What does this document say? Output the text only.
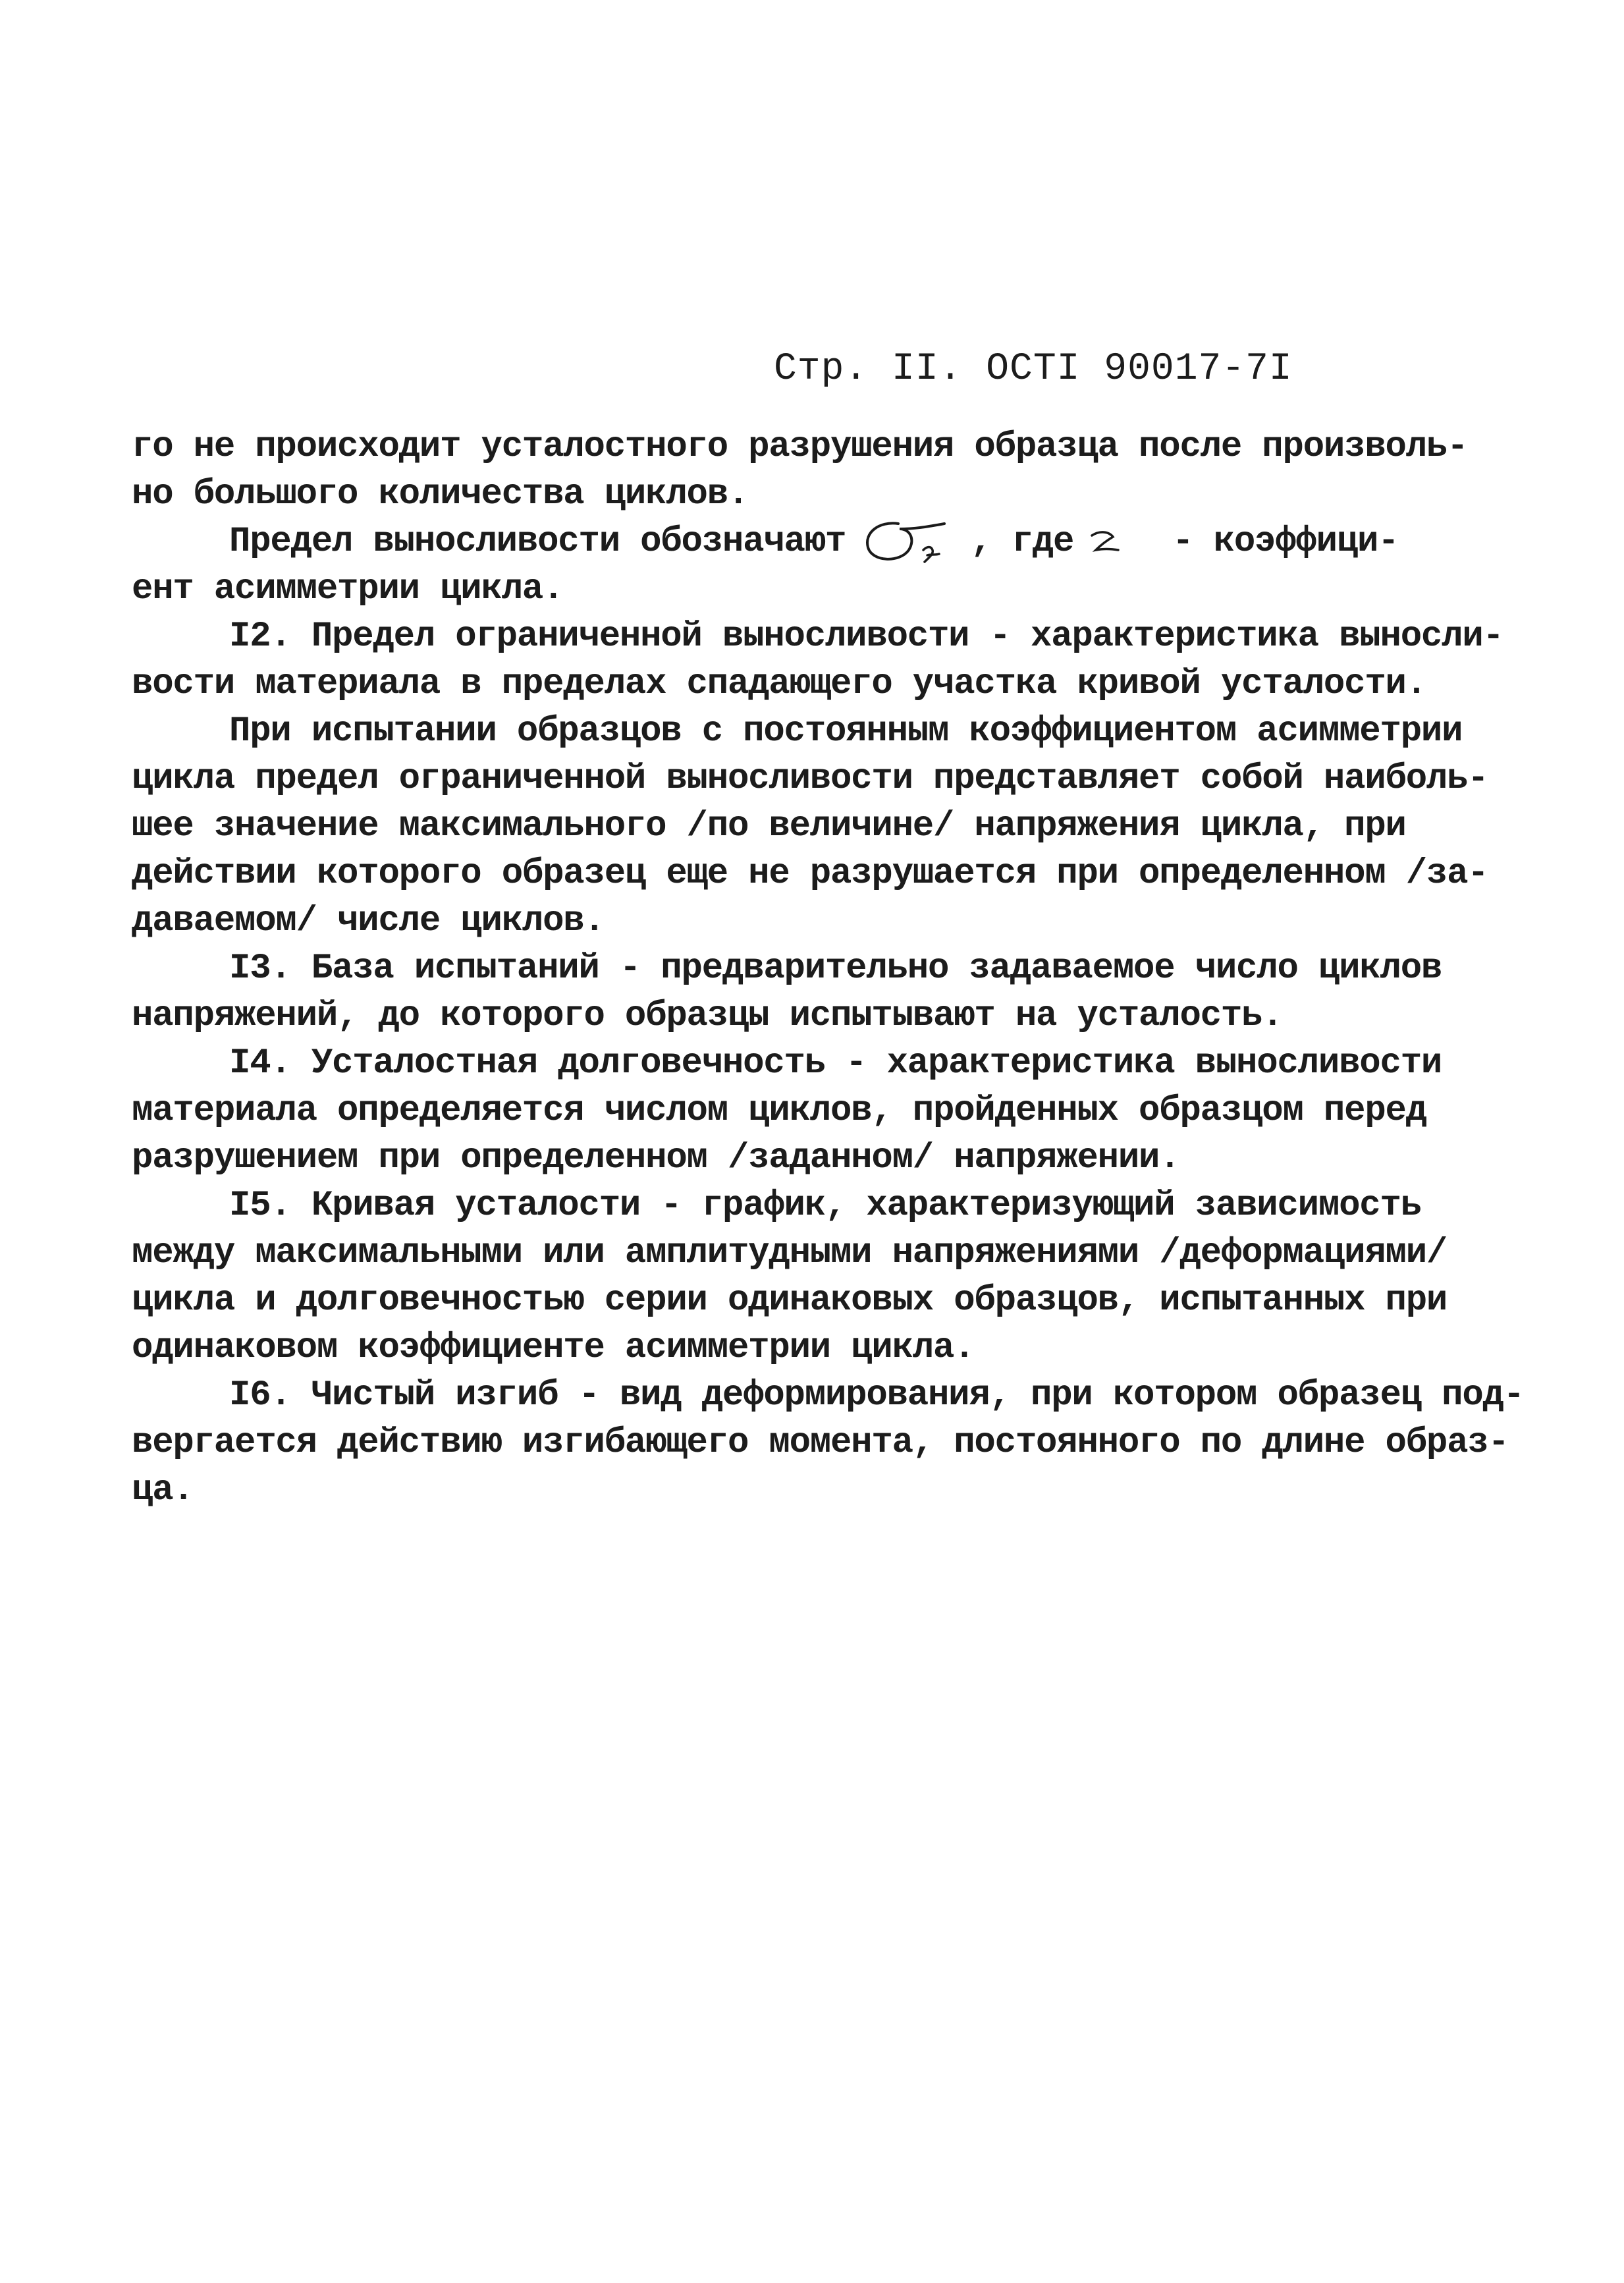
Стр. II. ОСТI 90017-7I
го не происходит усталостного разрушения образца после произволь-
но большого количества циклов.
Предел выносливости обозначают	, где	- коэффици-
ент асимметрии цикла.
I2. Предел ограниченной выносливости - характеристика выносли-
вости материала в пределах спадающего участка кривой усталости.
При испытании образцов с постоянным коэффициентом асимметрии
цикла предел ограниченной выносливости представляет собой наиболь-
шее значение максимального /по величине/ напряжения цикла, при
действии которого образец еще не разрушается при определенном /за-
даваемом/ числе циклов.
I3. База испытаний - предварительно задаваемое число циклов
напряжений, до которого образцы испытывают на усталость.
I4. Усталостная долговечность - характеристика выносливости
материала определяется числом циклов, пройденных образцом перед
разрушением при определенном /заданном/ напряжении.
I5. Кривая усталости - график, характеризующий зависимость
между максимальными или амплитудными напряжениями /деформациями/
цикла и долговечностью серии одинаковых образцов, испытанных при
одинаковом коэффициенте асимметрии цикла.
I6. Чистый изгиб - вид деформирования, при котором образец под-
вергается действию изгибающего момента, постоянного по длине образ-
ца.
